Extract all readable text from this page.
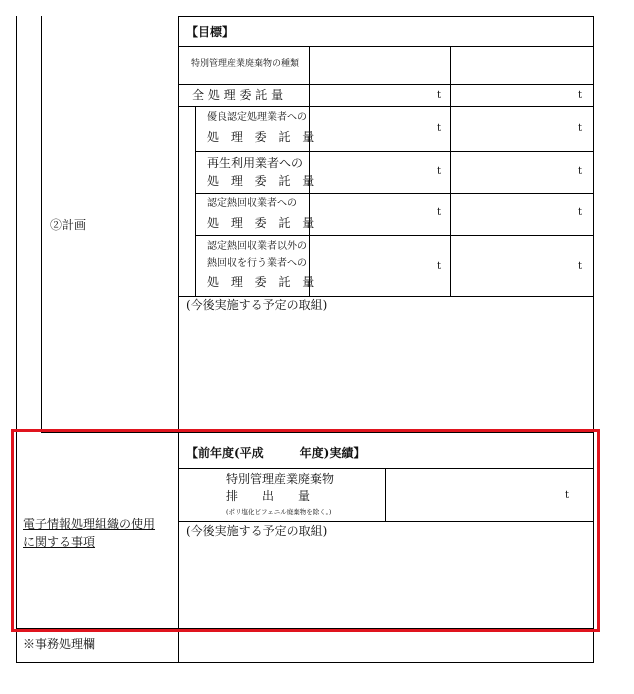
②計画
【目標】
特別管理産業廃棄物の種類
全 処 理 委 託 量	t	t
優良認定処理業者への
処 理 委 託 量
t	t
再生利用業者への
処 理 委 託 量
t	t
認定熱回収業者への
処 理 委 託 量
t	t
認定熱回収業者以外の
熱回収を行う業者への
処 理 委 託 量
t	t
(今後実施する予定の取組)
電子情報処理組織の使用
に関する事項
【前年度(平成　　　年度)実績】
特別管理産業廃棄物
排　　出　　量
(ポリ塩化ビフェニル廃棄物を除く。)
t
(今後実施する予定の取組)
※事務処理欄
